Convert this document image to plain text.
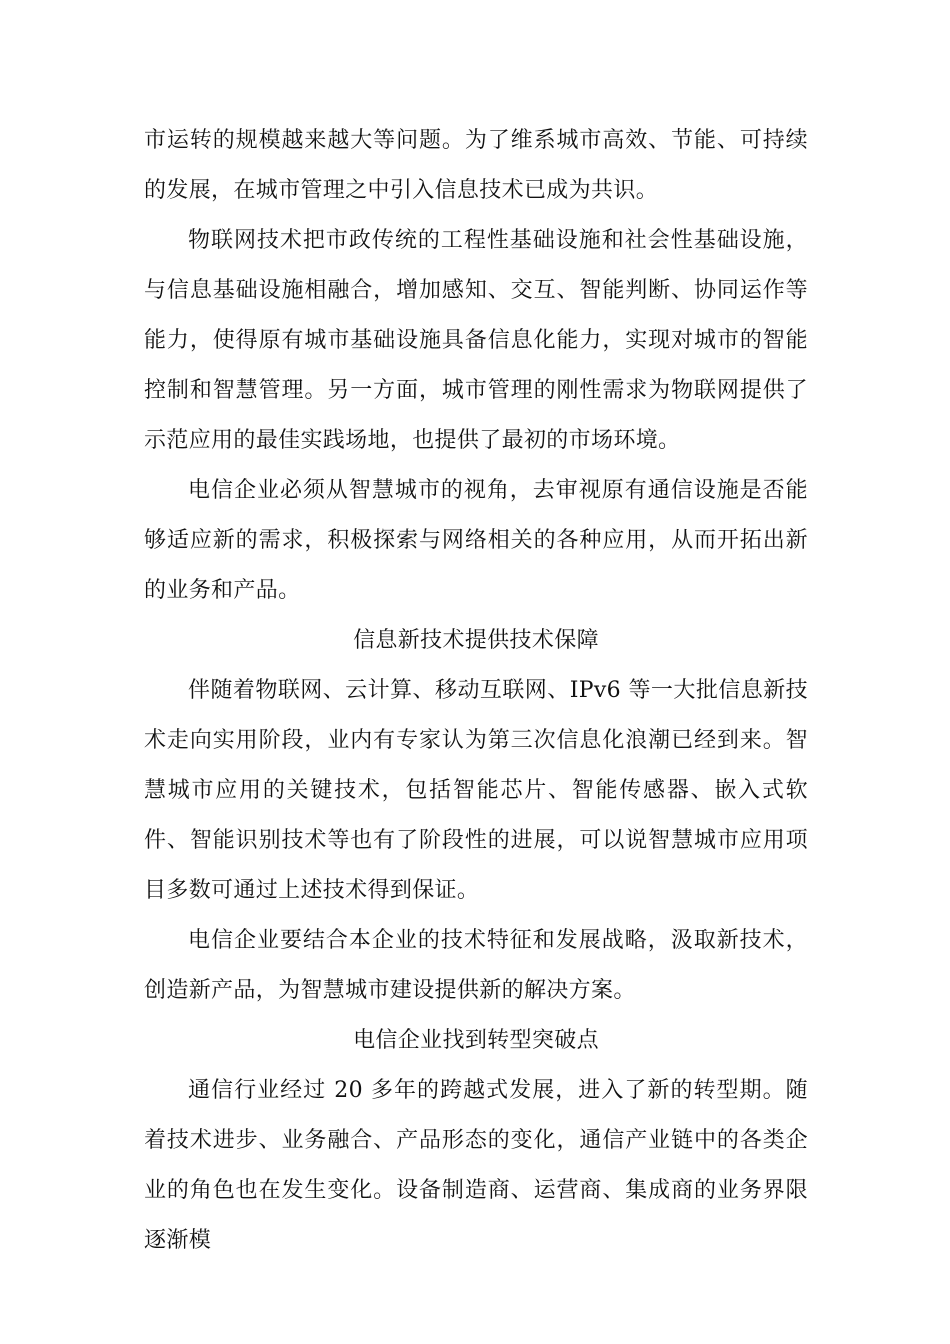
市运转的规模越来越大等问题。为了维系城市高效、节能、可持续的发展，在城市管理之中引入信息技术已成为共识。

物联网技术把市政传统的工程性基础设施和社会性基础设施，与信息基础设施相融合，增加感知、交互、智能判断、协同运作等能力，使得原有城市基础设施具备信息化能力，实现对城市的智能控制和智慧管理。另一方面，城市管理的刚性需求为物联网提供了示范应用的最佳实践场地，也提供了最初的市场环境。

电信企业必须从智慧城市的视角，去审视原有通信设施是否能够适应新的需求，积极探索与网络相关的各种应用，从而开拓出新的业务和产品。

信息新技术提供技术保障

伴随着物联网、云计算、移动互联网、IPv6 等一大批信息新技术走向实用阶段，业内有专家认为第三次信息化浪潮已经到来。智慧城市应用的关键技术，包括智能芯片、智能传感器、嵌入式软件、智能识别技术等也有了阶段性的进展，可以说智慧城市应用项目多数可通过上述技术得到保证。

电信企业要结合本企业的技术特征和发展战略，汲取新技术，创造新产品，为智慧城市建设提供新的解决方案。

电信企业找到转型突破点

通信行业经过 20 多年的跨越式发展，进入了新的转型期。随着技术进步、业务融合、产品形态的变化，通信产业链中的各类企业的角色也在发生变化。设备制造商、运营商、集成商的业务界限逐渐模
